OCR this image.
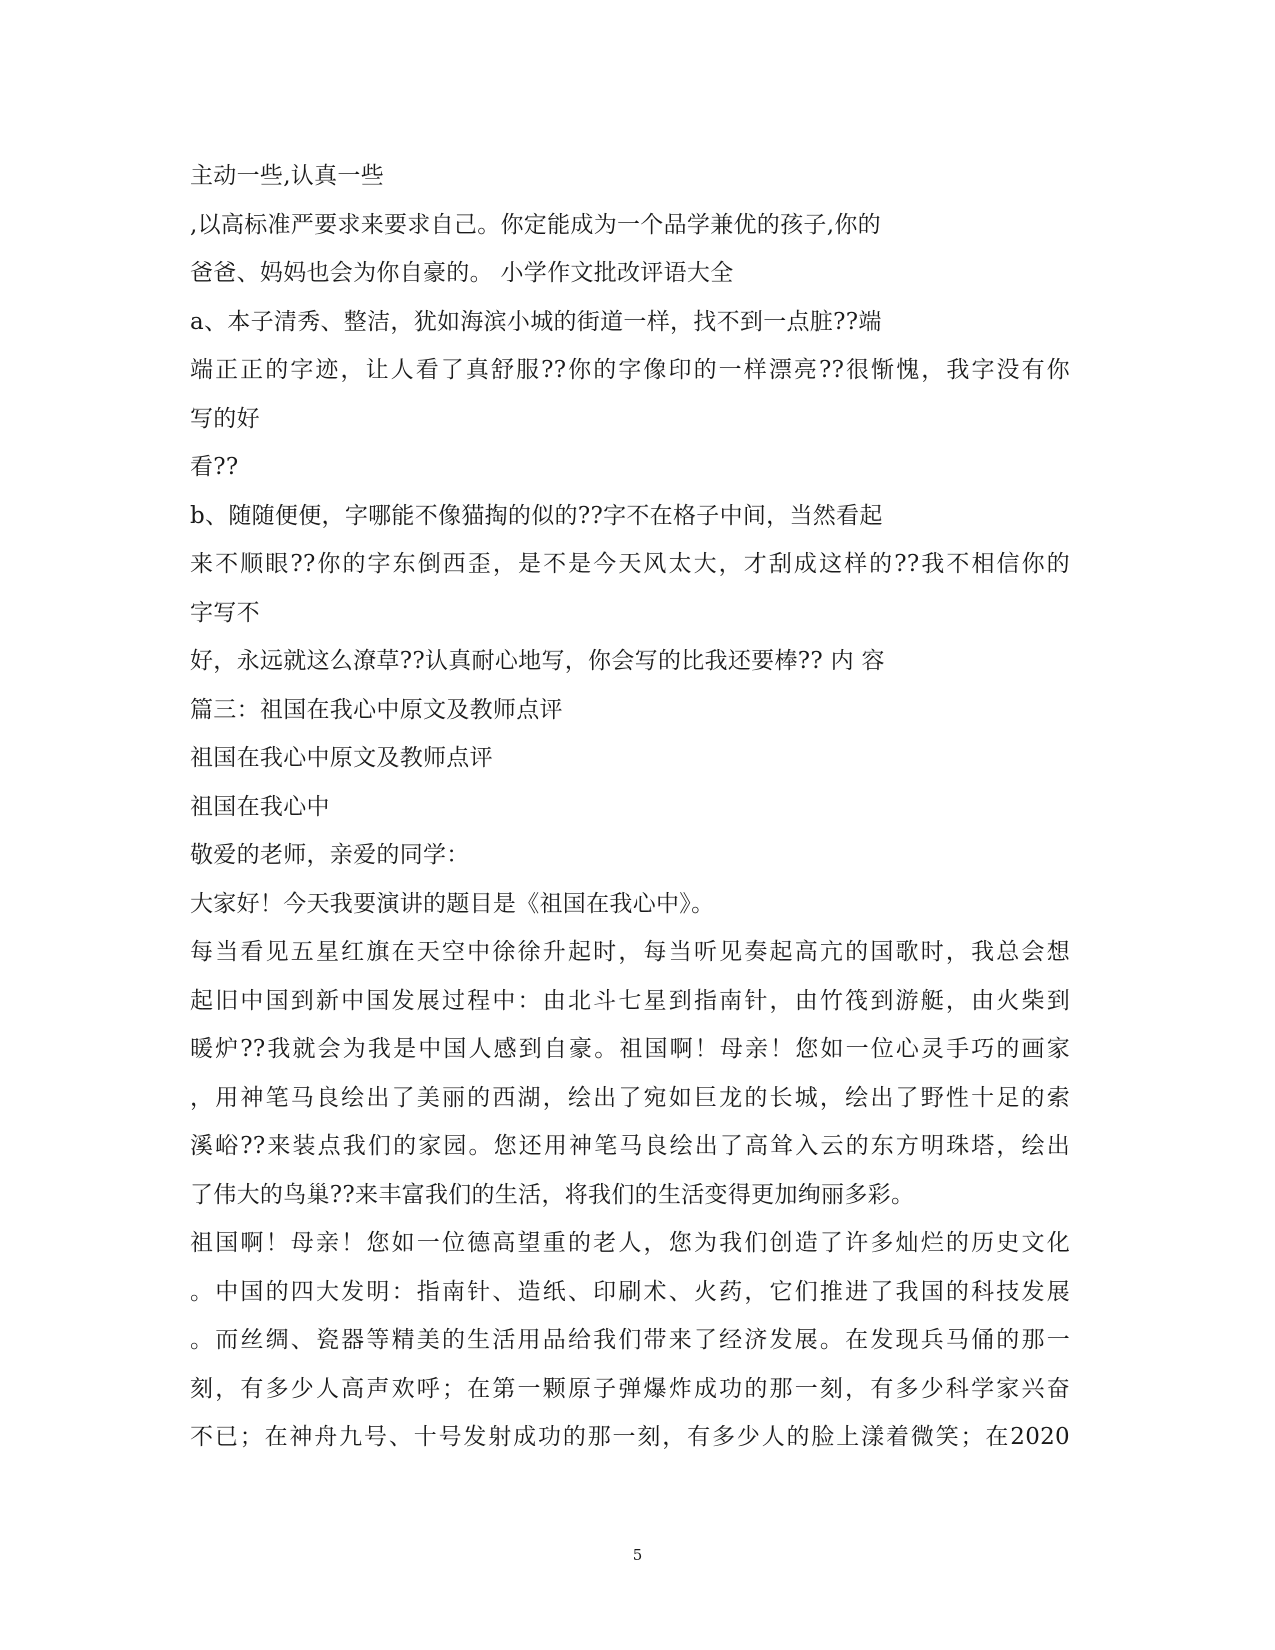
主动一些,认真一些
,以高标准严要求来要求自己。你定能成为一个品学兼优的孩子,你的
爸爸、妈妈也会为你自豪的。 小学作文批改评语大全
a、本子清秀、整洁，犹如海滨小城的街道一样，找不到一点脏??端
端正正的字迹，让人看了真舒服??你的字像印的一样漂亮??很惭愧，我字没有你
写的好
看??
b、随随便便，字哪能不像猫掏的似的??字不在格子中间，当然看起
来不顺眼??你的字东倒西歪，是不是今天风太大，才刮成这样的??我不相信你的
字写不
好，永远就这么潦草??认真耐心地写，你会写的比我还要棒?? 内 容
篇三：祖国在我心中原文及教师点评
祖国在我心中原文及教师点评
祖国在我心中
敬爱的老师，亲爱的同学：
大家好！今天我要演讲的题目是《祖国在我心中》。
每当看见五星红旗在天空中徐徐升起时，每当听见奏起高亢的国歌时，我总会想
起旧中国到新中国发展过程中：由北斗七星到指南针，由竹筏到游艇，由火柴到
暖炉??我就会为我是中国人感到自豪。祖国啊！母亲！您如一位心灵手巧的画家
，用神笔马良绘出了美丽的西湖，绘出了宛如巨龙的长城，绘出了野性十足的索
溪峪??来装点我们的家园。您还用神笔马良绘出了高耸入云的东方明珠塔，绘出
了伟大的鸟巢??来丰富我们的生活，将我们的生活变得更加绚丽多彩。
祖国啊！母亲！您如一位德高望重的老人，您为我们创造了许多灿烂的历史文化
。中国的四大发明：指南针、造纸、印刷术、火药，它们推进了我国的科技发展
。而丝绸、瓷器等精美的生活用品给我们带来了经济发展。在发现兵马俑的那一
刻，有多少人高声欢呼；在第一颗原子弹爆炸成功的那一刻，有多少科学家兴奋
不已；在神舟九号、十号发射成功的那一刻，有多少人的脸上漾着微笑；在2020
5
